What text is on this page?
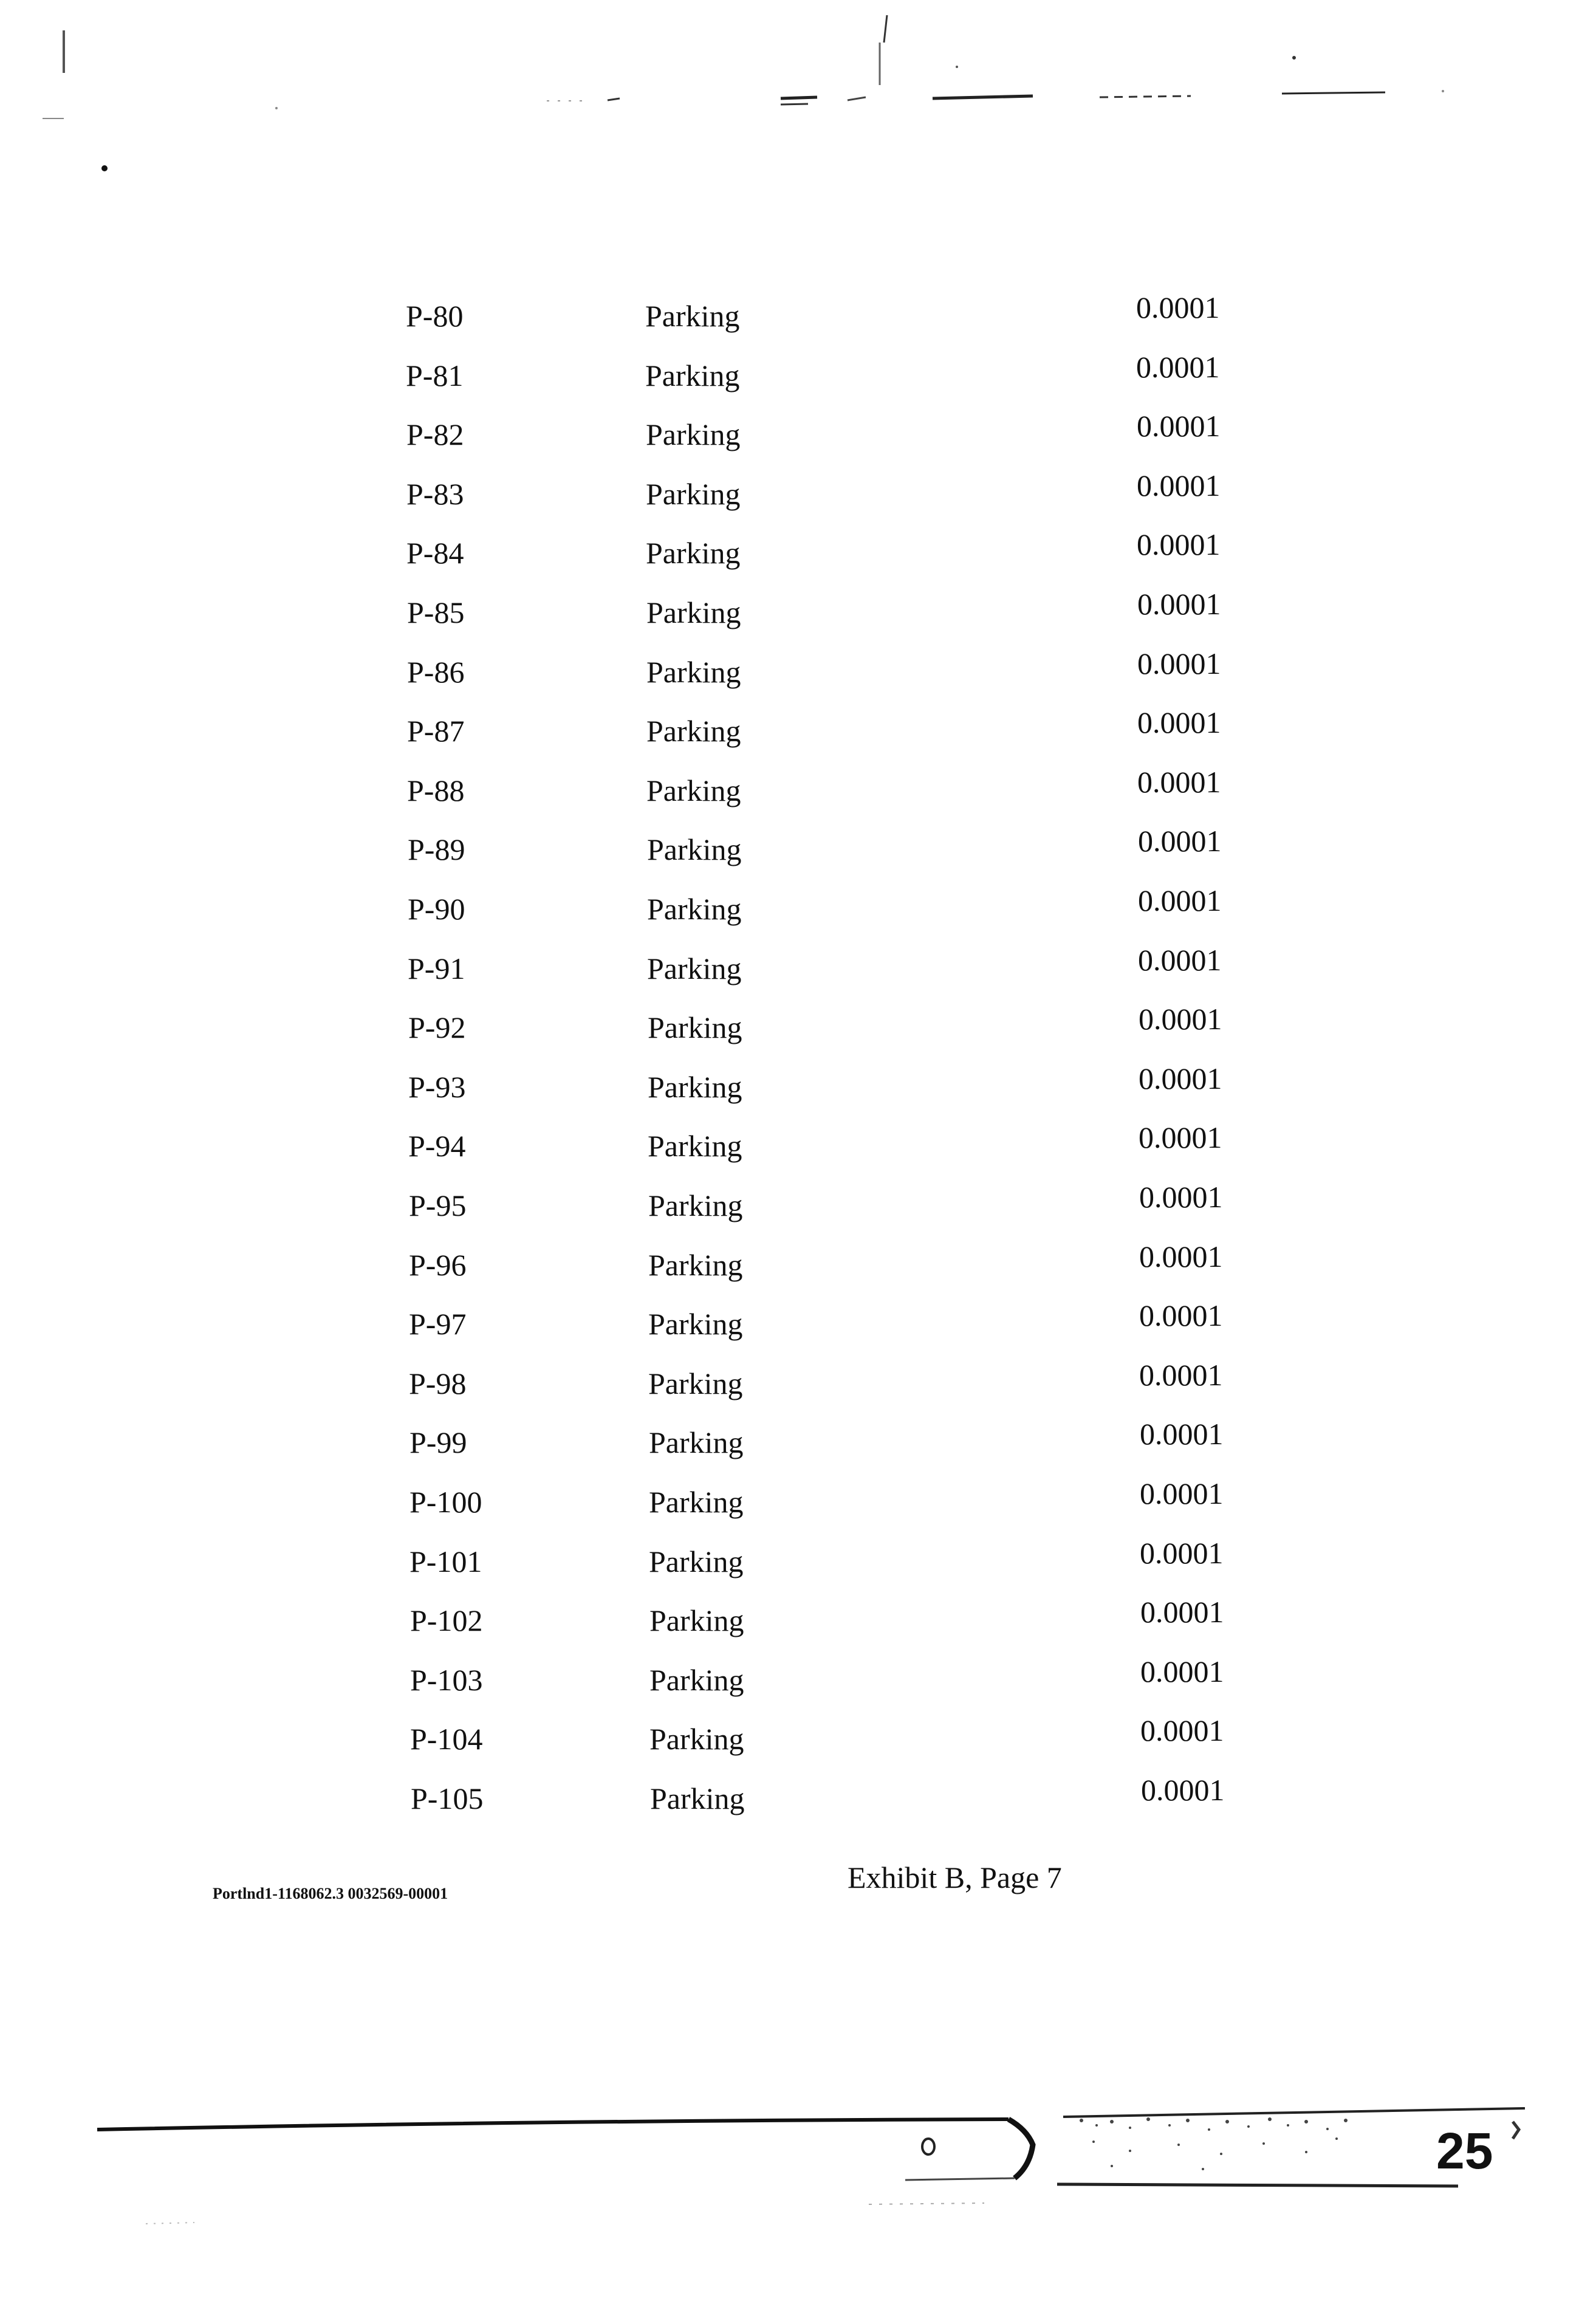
P-80	Parking	0.0001
P-81	Parking	0.0001
P-82	Parking	0.0001
P-83	Parking	0.0001
P-84	Parking	0.0001
P-85	Parking	0.0001
P-86	Parking	0.0001
P-87	Parking	0.0001
P-88	Parking	0.0001
P-89	Parking	0.0001
P-90	Parking	0.0001
P-91	Parking	0.0001
P-92	Parking	0.0001
P-93	Parking	0.0001
P-94	Parking	0.0001
P-95	Parking	0.0001
P-96	Parking	0.0001
P-97	Parking	0.0001
P-98	Parking	0.0001
P-99	Parking	0.0001
P-100	Parking	0.0001
P-101	Parking	0.0001
P-102	Parking	0.0001
P-103	Parking	0.0001
P-104	Parking	0.0001
P-105	Parking	0.0001
Portlnd1-1168062.3 0032569-00001	Exhibit B, Page 7
25
